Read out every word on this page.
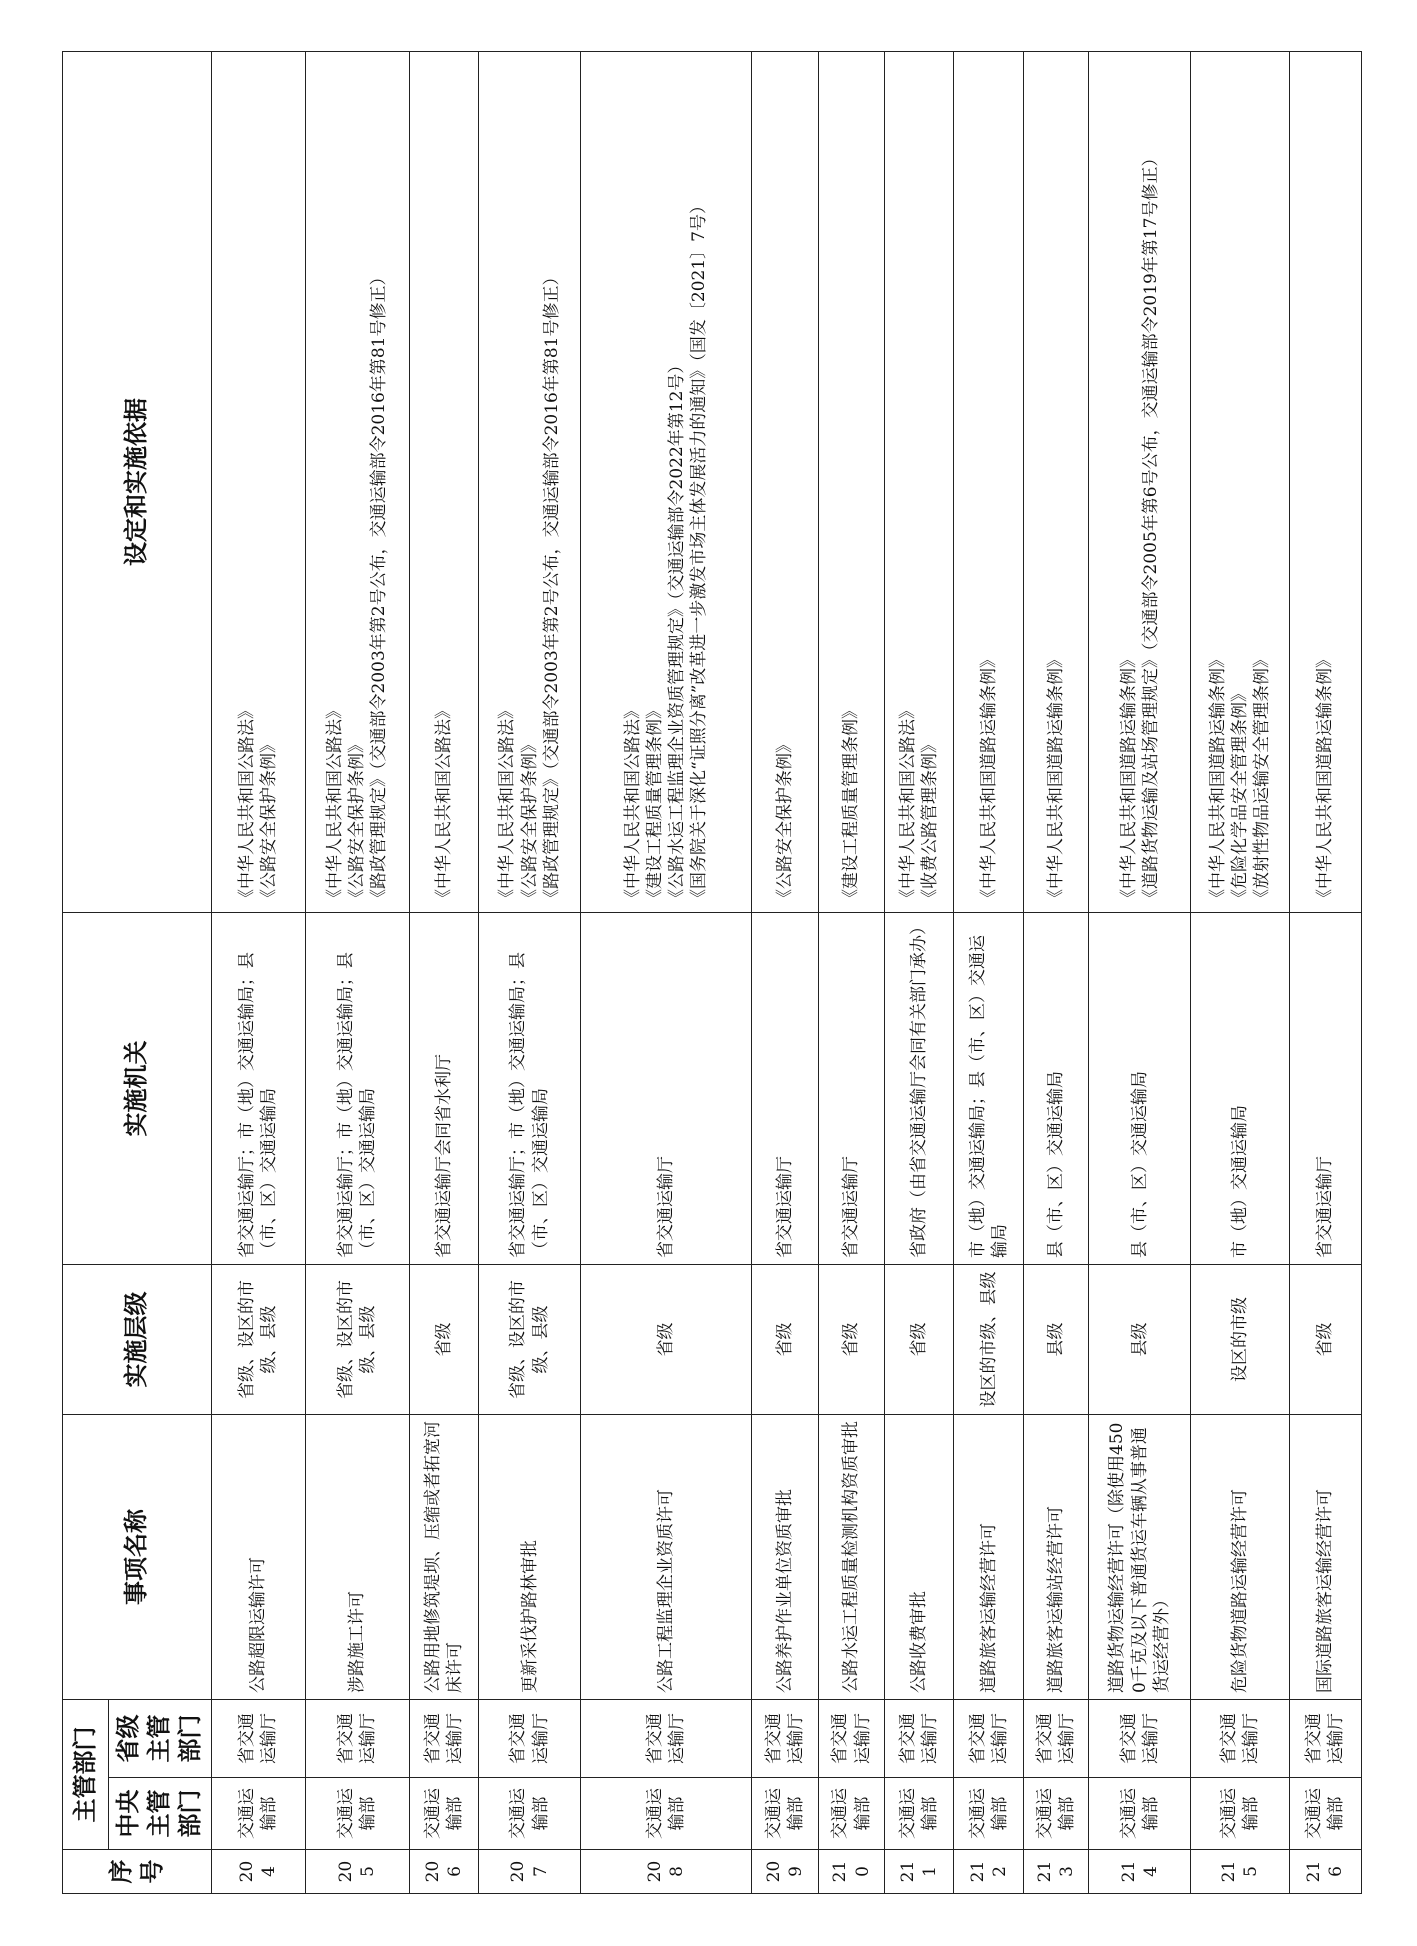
序号	主管部门		事项名称	实施层级	实施机关	设定和实施依据
	中央主管部门	省级主管部门				
204	交通运输部	省交通运输厅	公路超限运输许可	省级、设区的市级、县级	省交通运输厅；市（地）交通运输局；县（市、区）交通运输局	《中华人民共和国公路法》 《公路安全保护条例》

205	交通运输部	省交通运输厅	涉路施工许可	省级、设区的市级、县级	省交通运输厅；市（地）交通运输局；县（市、区）交通运输局	《中华人民共和国公路法》 《公路安全保护条例》 《路政管理规定》（交通部令2003年第2号公布，交通运输部令2016年第81号修正）

206	交通运输部	省交通运输厅	公路用地修筑堤坝、压缩或者拓宽河床许可	省级	省交通运输厅会同省水利厅	《中华人民共和国公路法》

207	交通运输部	省交通运输厅	更新采伐护路林审批	省级、设区的市级、县级	省交通运输厅；市（地）交通运输局；县（市、区）交通运输局	《中华人民共和国公路法》 《公路安全保护条例》 《路政管理规定》（交通部令2003年第2号公布，交通运输部令2016年第81号修正）

208	交通运输部	省交通运输厅	公路工程监理企业资质许可	省级	省交通运输厅	《中华人民共和国公路法》 《建设工程质量管理条例》 《公路水运工程监理企业资质管理规定》（交通运输部令2022年第12号） 《国务院关于深化“证照分离”改革进一步激发市场主体发展活力的通知》（国发〔2021〕7号）

209	交通运输部	省交通运输厅	公路养护作业单位资质审批	省级	省交通运输厅	《公路安全保护条例》

210	交通运输部	省交通运输厅	公路水运工程质量检测机构资质审批	省级	省交通运输厅	《建设工程质量管理条例》

211	交通运输部	省交通运输厅	公路收费审批	省级	省政府（由省交通运输厅会同有关部门承办）	《中华人民共和国公路法》 《收费公路管理条例》

212	交通运输部	省交通运输厅	道路旅客运输经营许可	设区的市级、县级	市（地）交通运输局；县（市、区）交通运输局	《中华人民共和国道路运输条例》

213	交通运输部	省交通运输厅	道路旅客运输站经营许可	县级	县（市、区）交通运输局	《中华人民共和国道路运输条例》

214	交通运输部	省交通运输厅	道路货物运输经营许可（除使用4500千克及以下普通货运车辆从事普通货运经营外）	县级	县（市、区）交通运输局	《中华人民共和国道路运输条例》 《道路货物运输及站场管理规定》（交通部令2005年第6号公布，交通运输部令2019年第17号修正）

215	交通运输部	省交通运输厅	危险货物道路运输经营许可	设区的市级	市（地）交通运输局	《中华人民共和国道路运输条例》 《危险化学品安全管理条例》 《放射性物品运输安全管理条例》

216	交通运输部	省交通运输厅	国际道路旅客运输经营许可	省级	省交通运输厅	《中华人民共和国道路运输条例》
